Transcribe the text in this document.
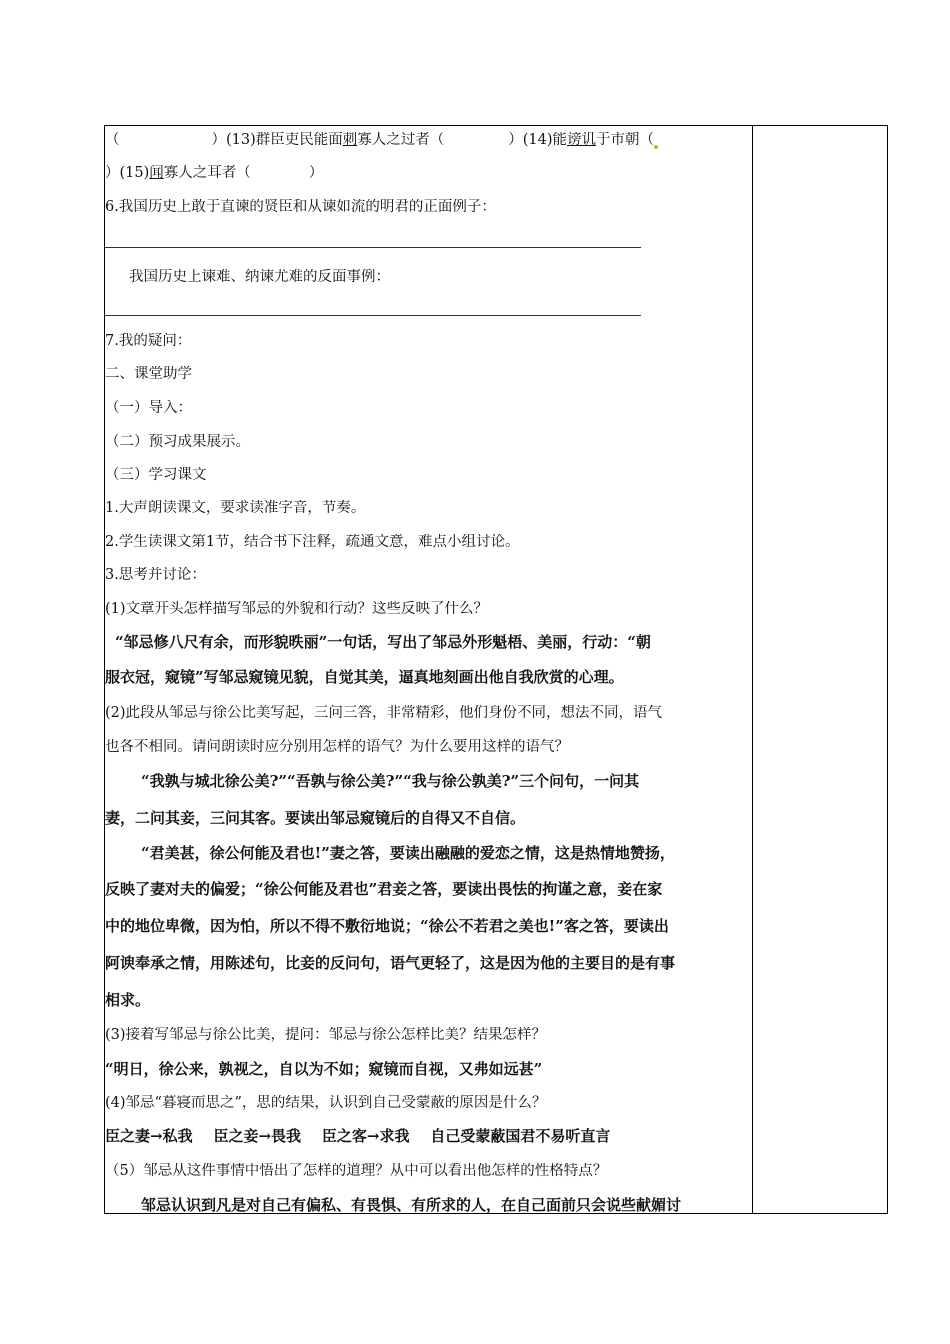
（	）(13)群臣吏民能面刺寡人之过者（	）(14)能谤讥于市朝（
）(15)闻寡人之耳者（	）
6.我国历史上敢于直谏的贤臣和从谏如流的明君的正面例子：
我国历史上谏难、纳谏尤难的反面事例：
7.我的疑问：
二、课堂助学
（一）导入：
（二）预习成果展示。
（三）学习课文
1.大声朗读课文，要求读准字音，节奏。
2.学生读课文第1节，结合书下注释，疏通文意，难点小组讨论。
3.思考并讨论：
(1)文章开头怎样描写邹忌的外貌和行动？这些反映了什么？
“邹忌修八尺有余，而形貌昳丽”一句话，写出了邹忌外形魁梧、美丽，行动：“朝
服衣冠，窥镜”写邹忌窥镜见貌，自觉其美，逼真地刻画出他自我欣赏的心理。
(2)此段从邹忌与徐公比美写起，三问三答，非常精彩，他们身份不同，想法不同，语气
也各不相同。请问朗读时应分别用怎样的语气？为什么要用这样的语气？
“我孰与城北徐公美?”“吾孰与徐公美?”“我与徐公孰美?”三个问句，一问其
妻，二问其妾，三问其客。要读出邹忌窥镜后的自得又不自信。
“君美甚，徐公何能及君也!”妻之答，要读出融融的爱恋之情，这是热情地赞扬，
反映了妻对夫的偏爱；“徐公何能及君也”君妾之答，要读出畏怯的拘谨之意，妾在家
中的地位卑微，因为怕，所以不得不敷衍地说；“徐公不若君之美也!”客之答，要读出
阿谀奉承之情，用陈述句，比妾的反问句，语气更轻了，这是因为他的主要目的是有事
相求。
(3)接着写邹忌与徐公比美，提问：邹忌与徐公怎样比美？结果怎样？
“明日，徐公来，孰视之，自以为不如；窥镜而自视，又弗如远甚”
(4)邹忌“暮寝而思之”，思的结果，认识到自己受蒙蔽的原因是什么？
臣之妻→私我    臣之妾→畏我    臣之客→求我    自己受蒙蔽国君不易听直言
（5）邹忌从这件事情中悟出了怎样的道理？从中可以看出他怎样的性格特点？
邹忌认识到凡是对自己有偏私、有畏惧、有所求的人，在自己面前只会说些献媚讨
